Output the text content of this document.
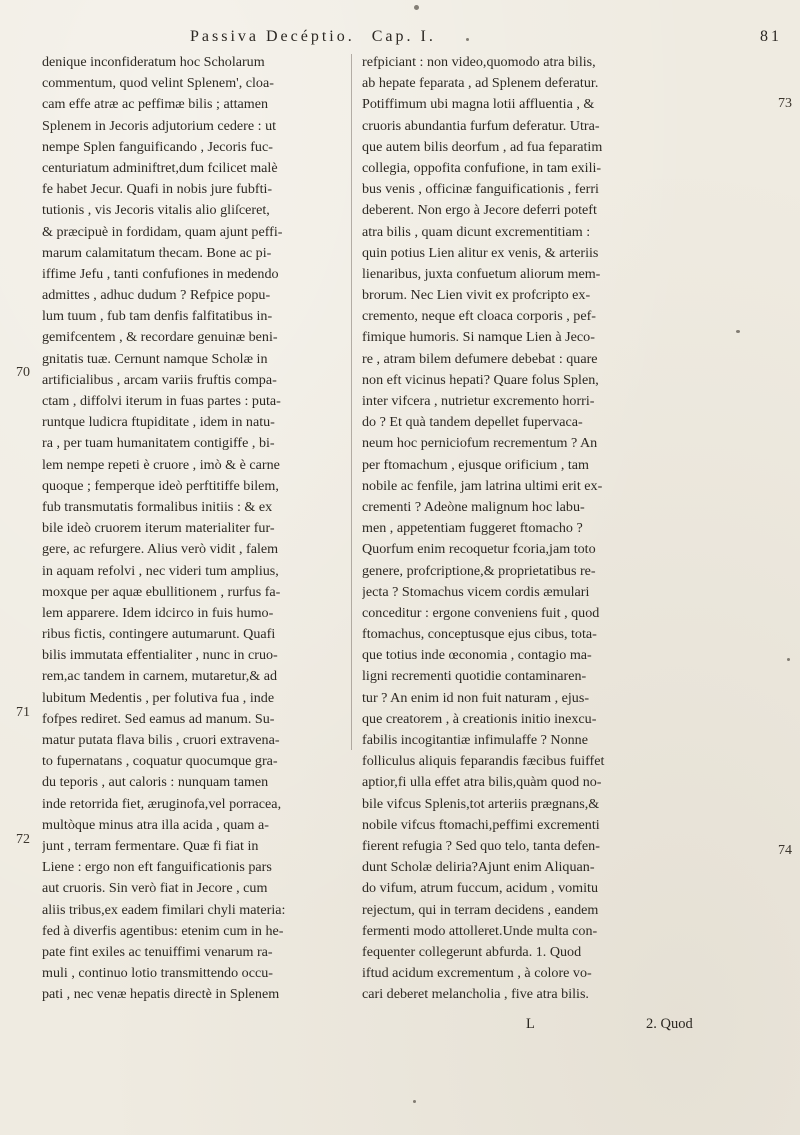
Passiva Decéptio. Cap. I.	81
denique inconfideratum hoc Scholarum
commentum, quod velint Splenem', cloa-
cam effe atræ ac peffimæ bilis ; attamen
Splenem in Jecoris adjutorium cedere : ut
nempe Splen fanguificando , Jecoris fuc-
centuriatum adminiftret,dum fcilicet malè
fe habet Jecur. Quafi in nobis jure fubfti-
tutionis , vis Jecoris vitalis alio gliſceret,
& præcipuè in fordidam, quam ajunt peffi-
marum calamitatum thecam. Bone ac pi-
iffime Jefu , tanti confufiones in medendo
admittes , adhuc dudum ? Refpice popu-
lum tuum , fub tam denfis falfitatibus in-
gemifcentem , & recordare genuinæ beni-
gnitatis tuæ. Cernunt namque Scholæ in
artificialibus , arcam variis fruftis compa-
ctam , diffolvi iterum in fuas partes : puta-
runtque ludicra ftupiditate , idem in natu-
ra , per tuam humanitatem contigiffe , bi-
lem nempe repeti è cruore , imò & è carne
quoque ; femperque ideò perftitiffe bilem,
fub transmutatis formalibus initiis : & ex
bile ideò cruorem iterum materialiter fur-
gere, ac refurgere. Alius verò vidit , falem
in aquam refolvi , nec videri tum amplius,
moxque per aquæ ebullitionem , rurfus fa-
lem apparere. Idem idcirco in fuis humo-
ribus fictis, contingere autumarunt. Quafi
bilis immutata effentialiter , nunc in cruo-
rem,ac tandem in carnem, mutaretur,& ad
lubitum Medentis , per folutiva fua , inde
fofpes rediret. Sed eamus ad manum. Su-
matur putata flava bilis , cruori extravena-
to fupernatans , coquatur quocumque gra-
du teporis , aut caloris : nunquam tamen
inde retorrida fiet, æruginofa,vel porracea,
multòque minus atra illa acida , quam a-
junt , terram fermentare. Quæ fi fiat in
Liene : ergo non eft fanguificationis pars
aut cruoris. Sin verò fiat in Jecore , cum
aliis tribus,ex eadem fimilari chyli materia:
fed à diverfis agentibus: etenim cum in he-
pate fint exiles ac tenuiffimi venarum ra-
muli , continuo lotio transmittendo occu-
pati , nec venæ hepatis directè in Splenem
refpiciant : non video,quomodo atra bilis,
ab hepate feparata , ad Splenem deferatur.
Potiffimum ubi magna lotii affluentia , &
cruoris abundantia furfum deferatur. Utra-
que autem bilis deorfum , ad fua feparatim
collegia, oppofita confufione, in tam exili-
bus venis , officinæ fanguificationis , ferri
deberent. Non ergo à Jecore deferri poteft
atra bilis , quam dicunt excrementitiam :
quin potius Lien alitur ex venis, & arteriis
lienaribus, juxta confuetum aliorum mem-
brorum. Nec Lien vivit ex profcripto ex-
cremento, neque eft cloaca corporis , pef-
fimique humoris. Si namque Lien à Jeco-
re , atram bilem defumere debebat : quare
non eft vicinus hepati? Quare folus Splen,
inter vifcera , nutrietur excremento horri-
do ? Et quà tandem depellet fupervaca-
neum hoc perniciofum recrementum ? An
per ftomachum , ejusque orificium , tam
nobile ac fenfile, jam latrina ultimi erit ex-
crementi ? Adeòne malignum hoc labu-
men , appetentiam fuggeret ftomacho ?
Quorfum enim recoquetur fcoria,jam toto
genere, profcriptione,& proprietatibus re-
jecta ? Stomachus vicem cordis æmulari
conceditur : ergone conveniens fuit , quod
ftomachus, conceptusque ejus cibus, tota-
que totius inde œconomia , contagio ma-
ligni recrementi quotidie contaminaren-
tur ? An enim id non fuit naturam , ejus-
que creatorem , à creationis initio inexcu-
fabilis incogitantiæ infimulaffe ? Nonne
folliculus aliquis feparandis fæcibus fuiffet
aptior,fi ulla effet atra bilis,quàm quod no-
bile vifcus Splenis,tot arteriis prægnans,&
nobile vifcus ftomachi,peffimi excrementi
fierent refugia ? Sed quo telo, tanta defen-
dunt Scholæ deliria?Ajunt enim Aliquan-
do vifum, atrum fuccum, acidum , vomitu
rejectum, qui in terram decidens , eandem
fermenti modo attolleret.Unde multa con-
fequenter collegerunt abfurda. 1. Quod
iftud acidum excrementum , à colore vo-
cari deberet melancholia , five atra bilis.
70
71
72
73
74
L	2. Quod
